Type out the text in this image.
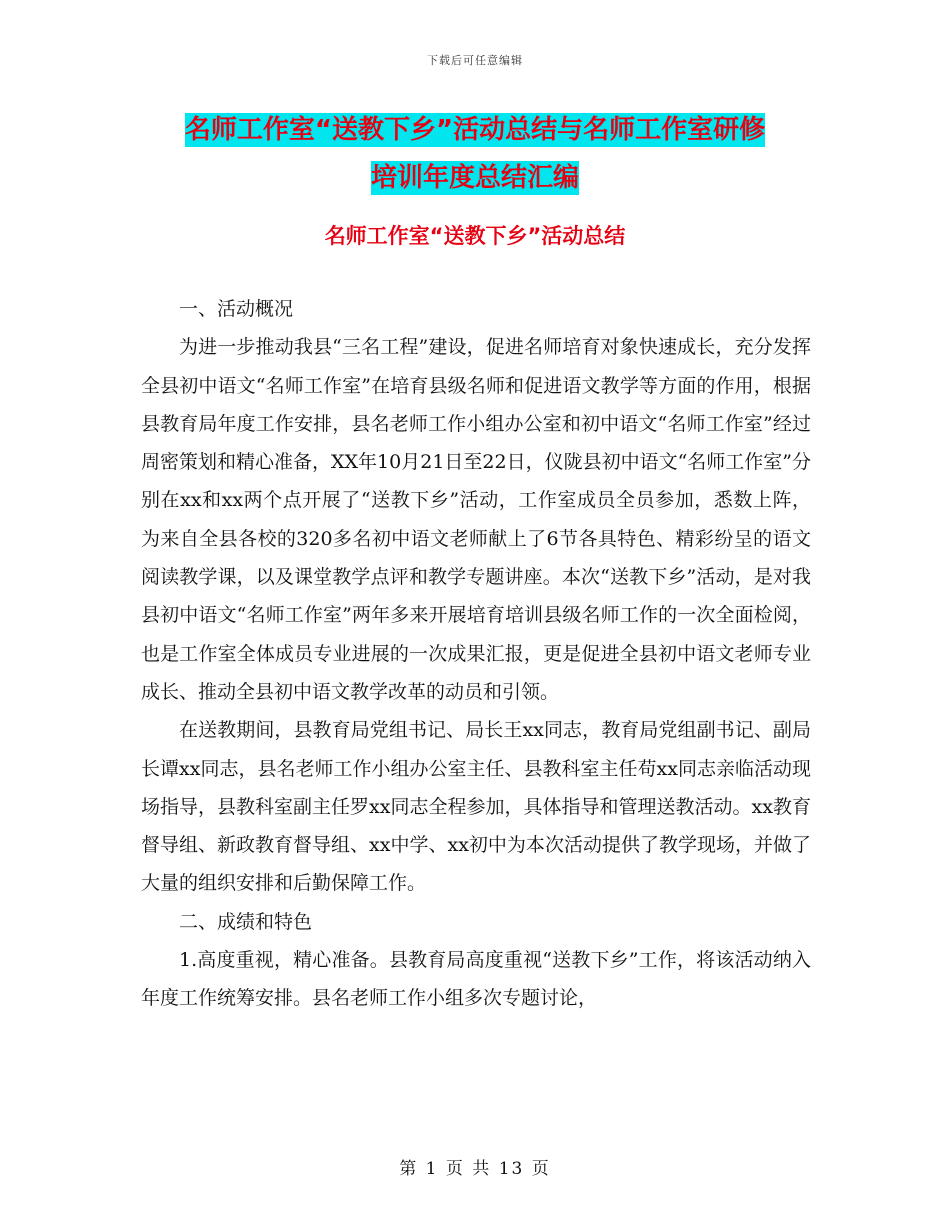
下载后可任意编辑
名师工作室“送教下乡”活动总结与名师工作室研修
培训年度总结汇编
名师工作室“送教下乡”活动总结

一、活动概况

为进一步推动我县“三名工程”建设，促进名师培育对象快速成长，充分发挥全县初中语文“名师工作室”在培育县级名师和促进语文教学等方面的作用，根据县教育局年度工作安排，县名老师工作小组办公室和初中语文“名师工作室”经过周密策划和精心准备，XX年10月21日至22日，仪陇县初中语文“名师工作室”分别在xx和xx两个点开展了“送教下乡”活动，工作室成员全员参加，悉数上阵，为来自全县各校的320多名初中语文老师献上了6节各具特色、精彩纷呈的语文阅读教学课，以及课堂教学点评和教学专题讲座。本次“送教下乡”活动，是对我县初中语文“名师工作室”两年多来开展培育培训县级名师工作的一次全面检阅，也是工作室全体成员专业进展的一次成果汇报，更是促进全县初中语文老师专业成长、推动全县初中语文教学改革的动员和引领。

在送教期间，县教育局党组书记、局长王xx同志，教育局党组副书记、副局长谭xx同志，县名老师工作小组办公室主任、县教科室主任苟xx同志亲临活动现场指导，县教科室副主任罗xx同志全程参加，具体指导和管理送教活动。xx教育督导组、新政教育督导组、xx中学、xx初中为本次活动提供了教学现场，并做了大量的组织安排和后勤保障工作。

二、成绩和特色

1.高度重视，精心准备。县教育局高度重视“送教下乡”工作，将该活动纳入年度工作统筹安排。县名老师工作小组多次专题讨论，

第 1 页 共 13 页
